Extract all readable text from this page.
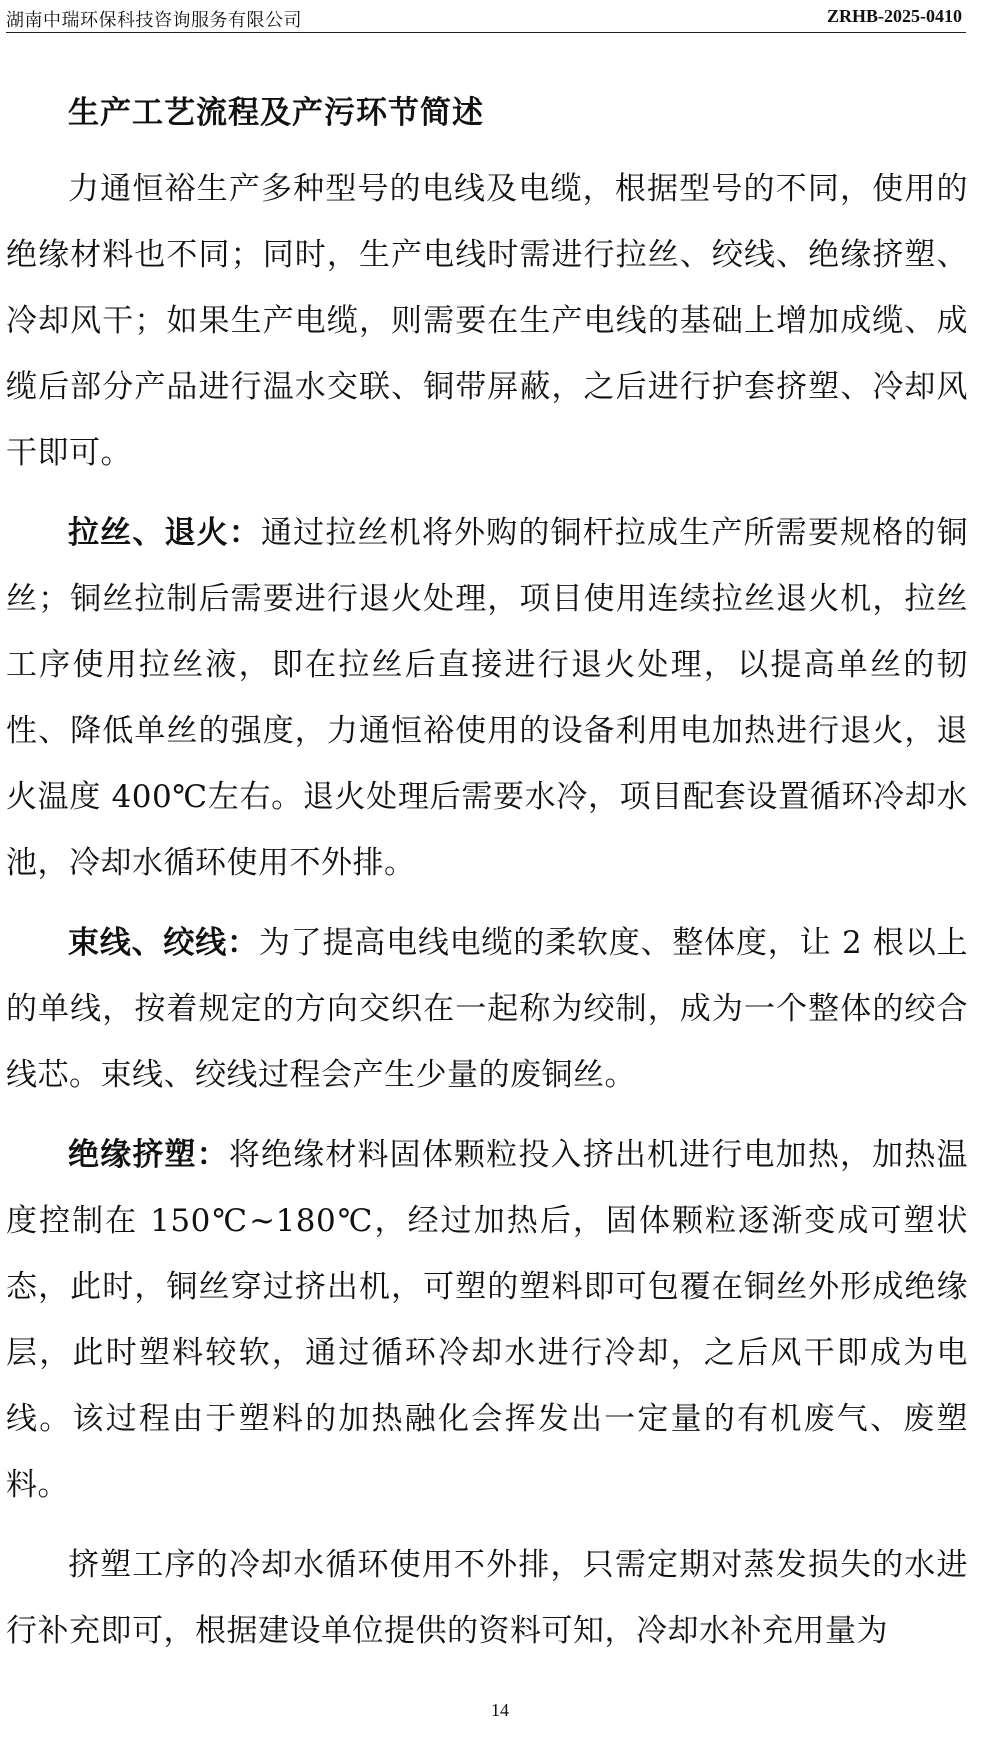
湖南中瑞环保科技咨询服务有限公司	ZRHB-2025-0410
生产工艺流程及产污环节简述

力通恒裕生产多种型号的电线及电缆，根据型号的不同，使用的绝缘材料也不同；同时，生产电线时需进行拉丝、绞线、绝缘挤塑、冷却风干；如果生产电缆，则需要在生产电线的基础上增加成缆、成缆后部分产品进行温水交联、铜带屏蔽，之后进行护套挤塑、冷却风干即可。

拉丝、退火：通过拉丝机将外购的铜杆拉成生产所需要规格的铜丝；铜丝拉制后需要进行退火处理，项目使用连续拉丝退火机，拉丝工序使用拉丝液，即在拉丝后直接进行退火处理，以提高单丝的韧性、降低单丝的强度，力通恒裕使用的设备利用电加热进行退火，退火温度 400℃左右。退火处理后需要水冷，项目配套设置循环冷却水池，冷却水循环使用不外排。

束线、绞线：为了提高电线电缆的柔软度、整体度，让 2 根以上的单线，按着规定的方向交织在一起称为绞制，成为一个整体的绞合线芯。束线、绞线过程会产生少量的废铜丝。

绝缘挤塑：将绝缘材料固体颗粒投入挤出机进行电加热，加热温度控制在 150℃~180℃，经过加热后，固体颗粒逐渐变成可塑状态，此时，铜丝穿过挤出机，可塑的塑料即可包覆在铜丝外形成绝缘层，此时塑料较软，通过循环冷却水进行冷却，之后风干即成为电线。该过程由于塑料的加热融化会挥发出一定量的有机废气、废塑料。

挤塑工序的冷却水循环使用不外排，只需定期对蒸发损失的水进行补充即可，根据建设单位提供的资料可知，冷却水补充用量为

14
